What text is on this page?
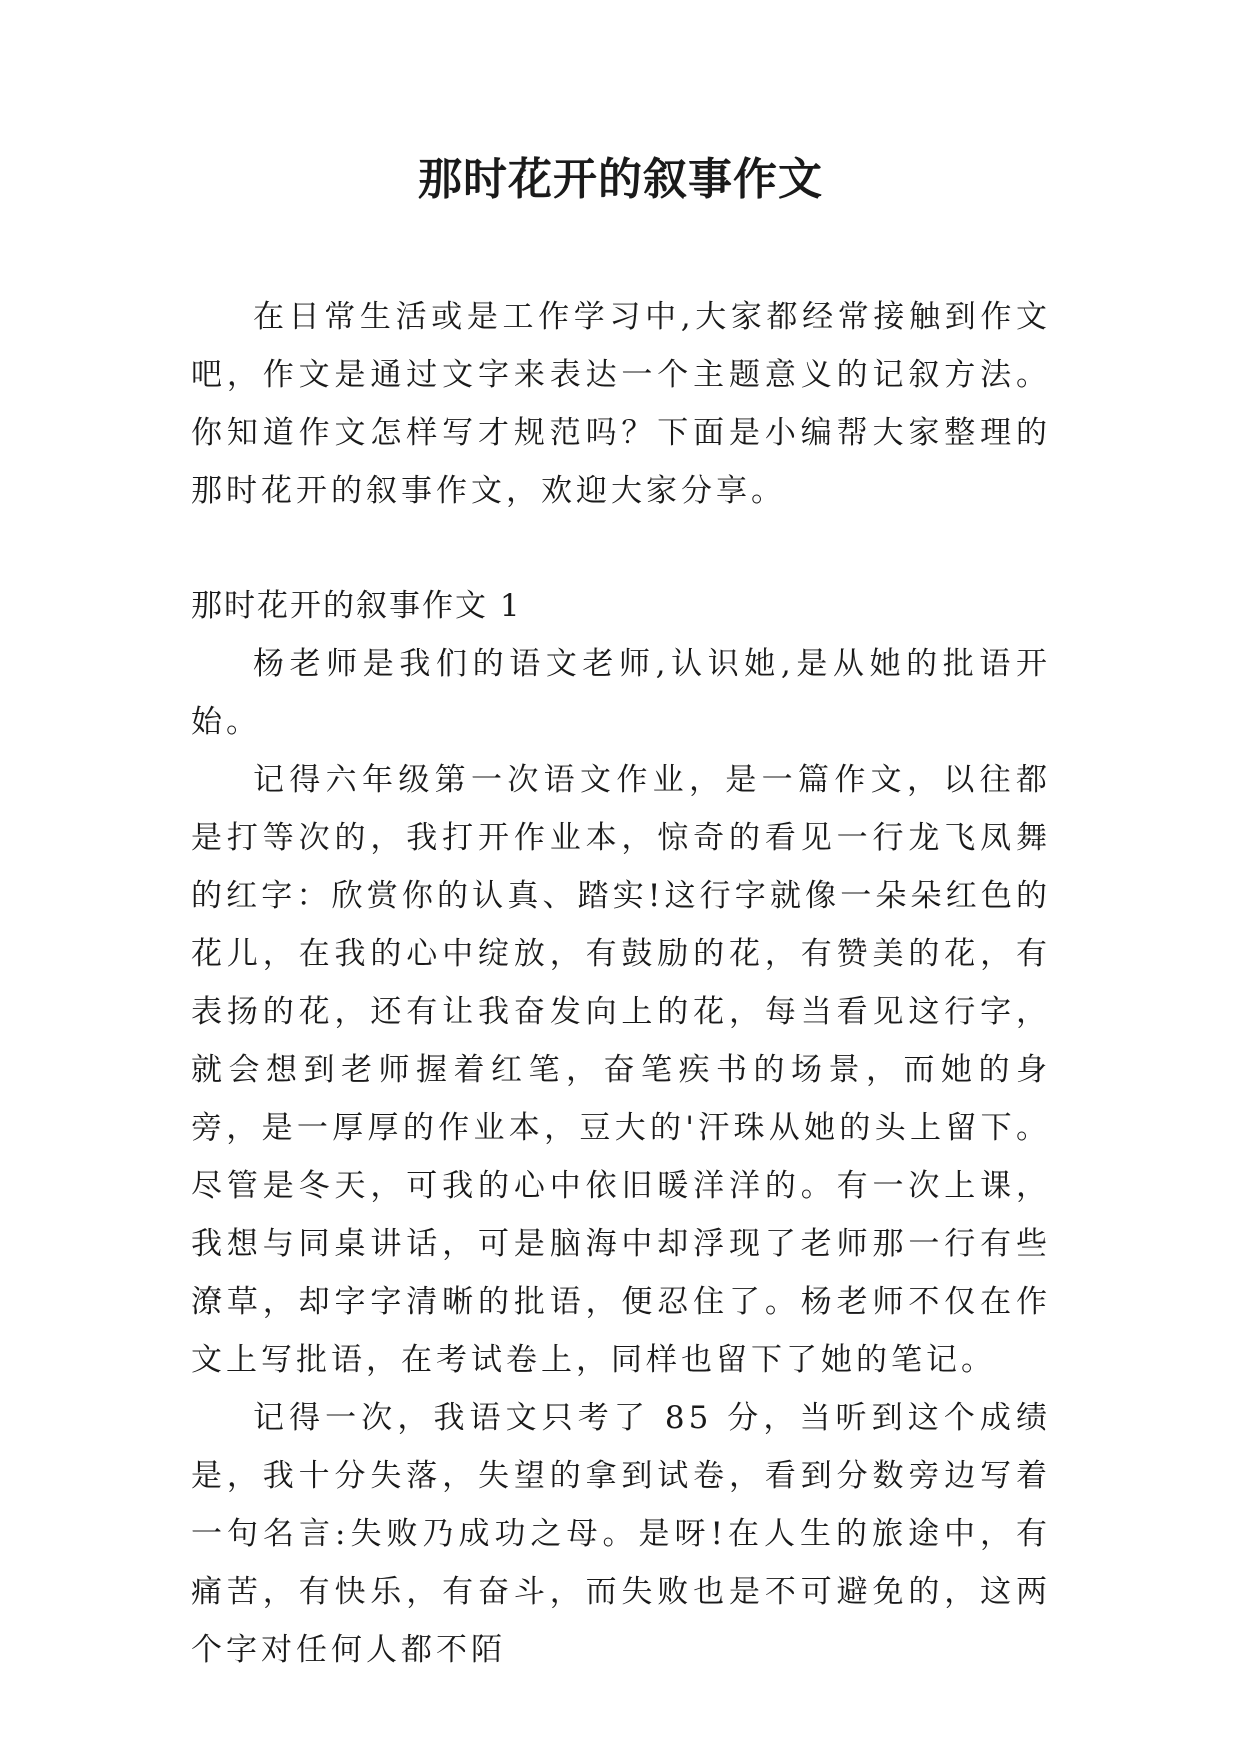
那时花开的叙事作文

在日常生活或是工作学习中,大家都经常接触到作文吧，作文是通过文字来表达一个主题意义的记叙方法。你知道作文怎样写才规范吗？下面是小编帮大家整理的那时花开的叙事作文，欢迎大家分享。

那时花开的叙事作文 1

杨老师是我们的语文老师,认识她,是从她的批语开始。

记得六年级第一次语文作业，是一篇作文，以往都是打等次的，我打开作业本，惊奇的看见一行龙飞凤舞的红字：欣赏你的认真、踏实!这行字就像一朵朵红色的花儿，在我的心中绽放，有鼓励的花，有赞美的花，有表扬的花，还有让我奋发向上的花，每当看见这行字，就会想到老师握着红笔，奋笔疾书的场景，而她的身旁，是一厚厚的作业本，豆大的'汗珠从她的头上留下。尽管是冬天，可我的心中依旧暖洋洋的。有一次上课，我想与同桌讲话，可是脑海中却浮现了老师那一行有些潦草，却字字清晰的批语，便忍住了。杨老师不仅在作文上写批语，在考试卷上，同样也留下了她的笔记。

记得一次，我语文只考了 85 分，当听到这个成绩是，我十分失落，失望的拿到试卷，看到分数旁边写着一句名言:失败乃成功之母。是呀!在人生的旅途中，有痛苦，有快乐，有奋斗，而失败也是不可避免的，这两个字对任何人都不陌
